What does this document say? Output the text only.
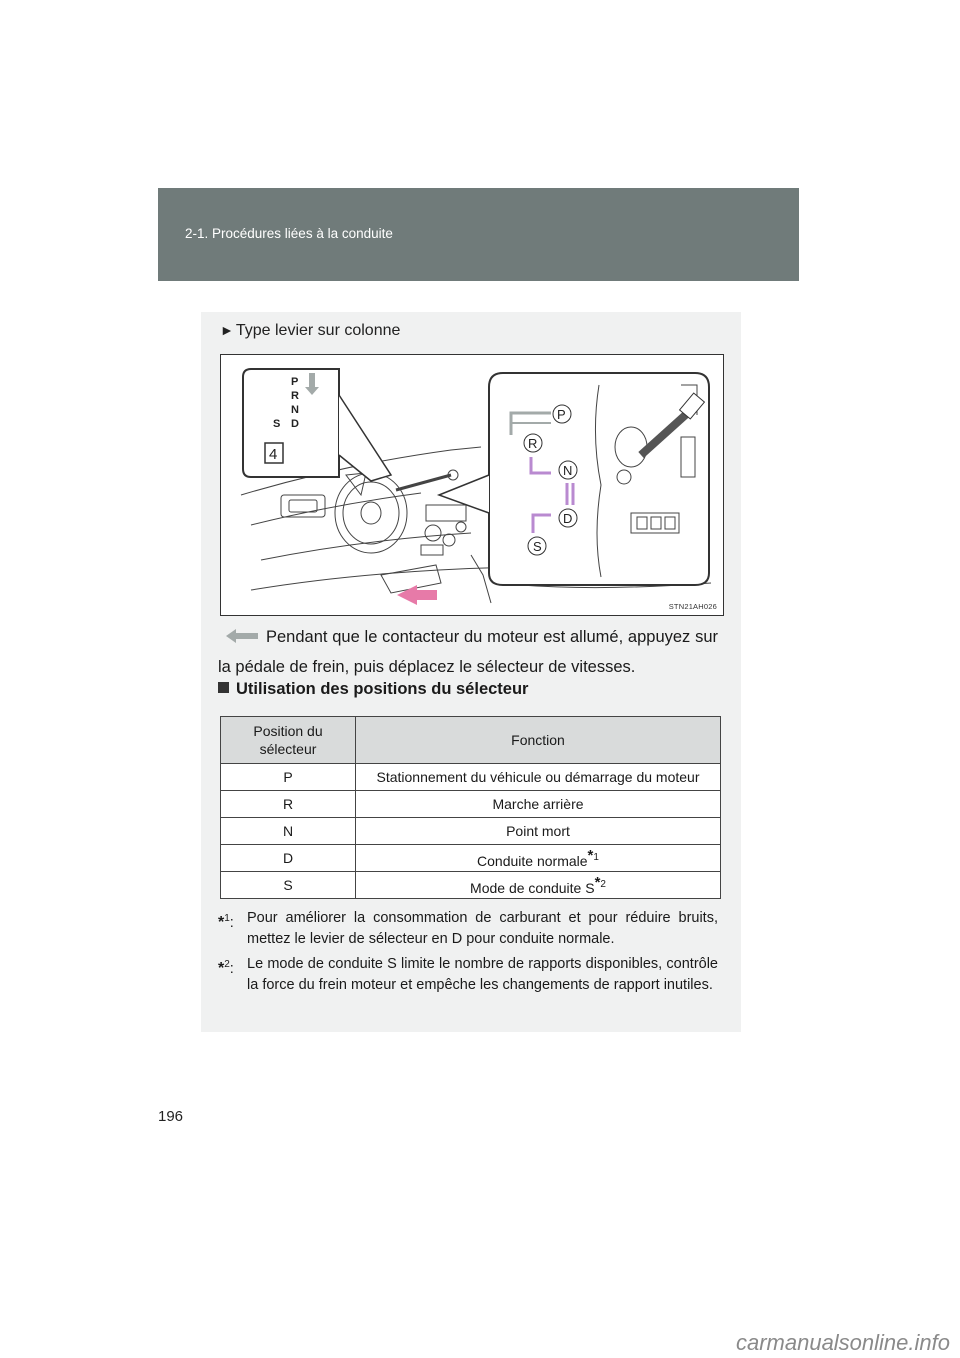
2-1. Procédures liées à la conduite
► Type levier sur colonne
P
R
N
D
S
4
P
R
N
D
S
STN21AH026
Pendant que le contacteur du moteur est allumé, appuyez sur la pédale de frein, puis déplacez le sélecteur de vitesses.
Utilisation des positions du sélecteur
Position du sélecteur	Fonction
P	Stationnement du véhicule ou démarrage du moteur
R	Marche arrière
N	Point mort
D	Conduite normale$^{*1}$
S	Mode de conduite $S^{*2}$
*$^1$: Pour améliorer la consommation de carburant et pour réduire bruits, mettez le levier de sélecteur en D pour conduite normale.
*$^2$: Le mode de conduite S limite le nombre de rapports disponibles, contrôle la force du frein moteur et empêche les changements de rapport inutiles.
196
carmanualsonline.info
